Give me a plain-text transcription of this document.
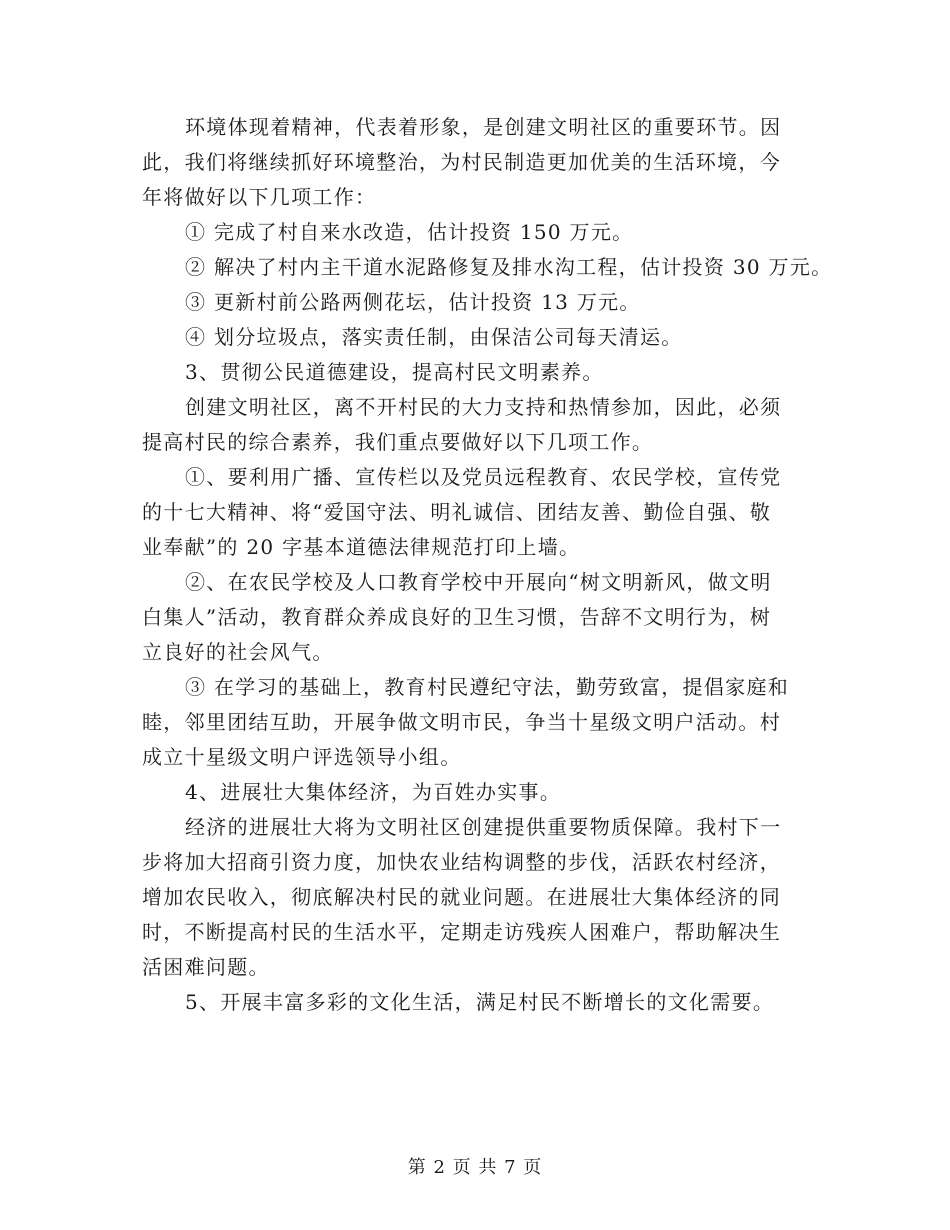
环境体现着精神，代表着形象，是创建文明社区的重要环节。因
此，我们将继续抓好环境整治，为村民制造更加优美的生活环境，今
年将做好以下几项工作：
① 完成了村自来水改造，估计投资 150 万元。
② 解决了村内主干道水泥路修复及排水沟工程，估计投资 30 万元。
③ 更新村前公路两侧花坛，估计投资 13 万元。
④ 划分垃圾点，落实责任制，由保洁公司每天清运。
3、贯彻公民道德建设，提高村民文明素养。
创建文明社区，离不开村民的大力支持和热情参加，因此，必须
提高村民的综合素养，我们重点要做好以下几项工作。
①、要利用广播、宣传栏以及党员远程教育、农民学校，宣传党
的十七大精神、将“爱国守法、明礼诚信、团结友善、勤俭自强、敬
业奉献”的 20 字基本道德法律规范打印上墙。
②、在农民学校及人口教育学校中开展向“树文明新风，做文明
白集人”活动，教育群众养成良好的卫生习惯，告辞不文明行为，树
立良好的社会风气。
③ 在学习的基础上，教育村民遵纪守法，勤劳致富，提倡家庭和
睦，邻里团结互助，开展争做文明市民，争当十星级文明户活动。村
成立十星级文明户评选领导小组。
4、进展壮大集体经济，为百姓办实事。
经济的进展壮大将为文明社区创建提供重要物质保障。我村下一
步将加大招商引资力度，加快农业结构调整的步伐，活跃农村经济，
增加农民收入，彻底解决村民的就业问题。在进展壮大集体经济的同
时，不断提高村民的生活水平，定期走访残疾人困难户，帮助解决生
活困难问题。
5、开展丰富多彩的文化生活，满足村民不断增长的文化需要。
第 2 页 共 7 页
